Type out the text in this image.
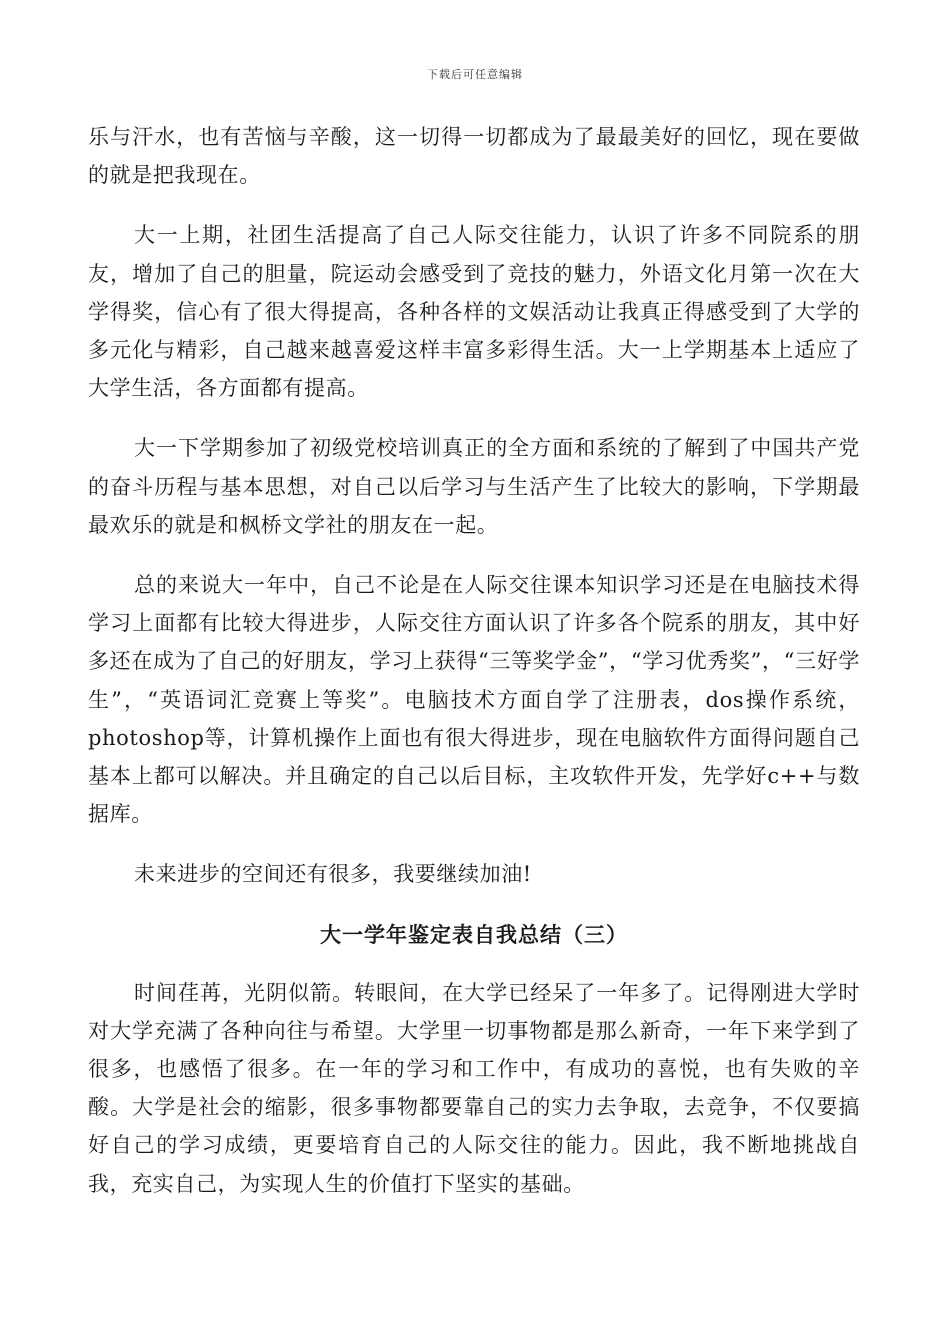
下载后可任意编辑

乐与汗水，也有苦恼与辛酸，这一切得一切都成为了最最美好的回忆，现在要做的就是把我现在。

大一上期，社团生活提高了自己人际交往能力，认识了许多不同院系的朋友，增加了自己的胆量，院运动会感受到了竞技的魅力，外语文化月第一次在大学得奖，信心有了很大得提高，各种各样的文娱活动让我真正得感受到了大学的多元化与精彩，自己越来越喜爱这样丰富多彩得生活。大一上学期基本上适应了大学生活，各方面都有提高。

大一下学期参加了初级党校培训真正的全方面和系统的了解到了中国共产党的奋斗历程与基本思想，对自己以后学习与生活产生了比较大的影响，下学期最最欢乐的就是和枫桥文学社的朋友在一起。

总的来说大一年中，自己不论是在人际交往课本知识学习还是在电脑技术得学习上面都有比较大得进步，人际交往方面认识了许多各个院系的朋友，其中好多还在成为了自己的好朋友，学习上获得“三等奖学金”，“学习优秀奖”，“三好学生”，“英语词汇竞赛上等奖”。电脑技术方面自学了注册表，dos操作系统，photoshop等，计算机操作上面也有很大得进步，现在电脑软件方面得问题自己基本上都可以解决。并且确定的自己以后目标，主攻软件开发，先学好c++与数据库。

未来进步的空间还有很多，我要继续加油!

大一学年鉴定表自我总结（三）

时间荏苒，光阴似箭。转眼间，在大学已经呆了一年多了。记得刚进大学时对大学充满了各种向往与希望。大学里一切事物都是那么新奇，一年下来学到了很多，也感悟了很多。在一年的学习和工作中，有成功的喜悦，也有失败的辛酸。大学是社会的缩影，很多事物都要靠自己的实力去争取，去竞争，不仅要搞好自己的学习成绩，更要培育自己的人际交往的能力。因此，我不断地挑战自我，充实自己，为实现人生的价值打下坚实的基础。
